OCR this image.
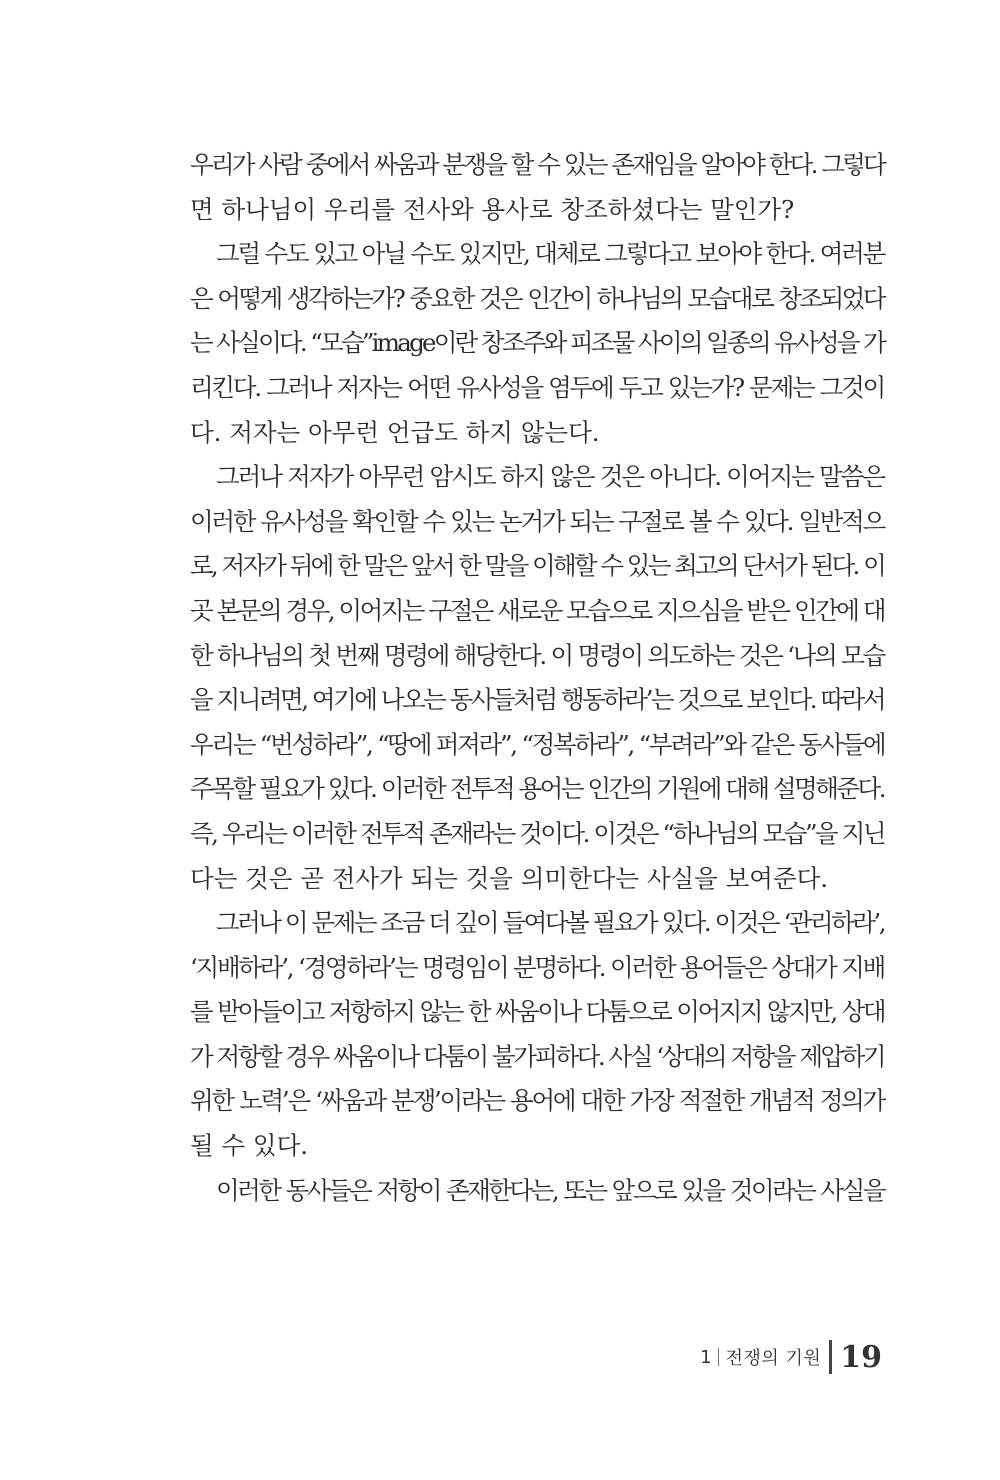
우리가 사람 중에서 싸움과 분쟁을 할 수 있는 존재임을 알아야 한다. 그렇다
면 하나님이 우리를 전사와 용사로 창조하셨다는 말인가?
그럴 수도 있고 아닐 수도 있지만, 대체로 그렇다고 보아야 한다. 여러분
은 어떻게 생각하는가? 중요한 것은 인간이 하나님의 모습대로 창조되었다
는 사실이다. “모습”image이란 창조주와 피조물 사이의 일종의 유사성을 가
리킨다. 그러나 저자는 어떤 유사성을 염두에 두고 있는가? 문제는 그것이
다. 저자는 아무런 언급도 하지 않는다.
그러나 저자가 아무런 암시도 하지 않은 것은 아니다. 이어지는 말씀은
이러한 유사성을 확인할 수 있는 논거가 되는 구절로 볼 수 있다. 일반적으
로, 저자가 뒤에 한 말은 앞서 한 말을 이해할 수 있는 최고의 단서가 된다. 이
곳 본문의 경우, 이어지는 구절은 새로운 모습으로 지으심을 받은 인간에 대
한 하나님의 첫 번째 명령에 해당한다. 이 명령이 의도하는 것은 ‘나의 모습
을 지니려면, 여기에 나오는 동사들처럼 행동하라’는 것으로 보인다. 따라서
우리는 “번성하라”, “땅에 퍼져라”, “정복하라”, “부려라”와 같은 동사들에
주목할 필요가 있다. 이러한 전투적 용어는 인간의 기원에 대해 설명해준다.
즉, 우리는 이러한 전투적 존재라는 것이다. 이것은 “하나님의 모습”을 지닌
다는 것은 곧 전사가 되는 것을 의미한다는 사실을 보여준다.
그러나 이 문제는 조금 더 깊이 들여다볼 필요가 있다. 이것은 ‘관리하라’,
‘지배하라’, ‘경영하라’는 명령임이 분명하다. 이러한 용어들은 상대가 지배
를 받아들이고 저항하지 않는 한 싸움이나 다툼으로 이어지지 않지만, 상대
가 저항할 경우 싸움이나 다툼이 불가피하다. 사실 ‘상대의 저항을 제압하기
위한 노력’은 ‘싸움과 분쟁’이라는 용어에 대한 가장 적절한 개념적 정의가
될 수 있다.
이러한 동사들은 저항이 존재한다는, 또는 앞으로 있을 것이라는 사실을
1 전쟁의 기원 19
